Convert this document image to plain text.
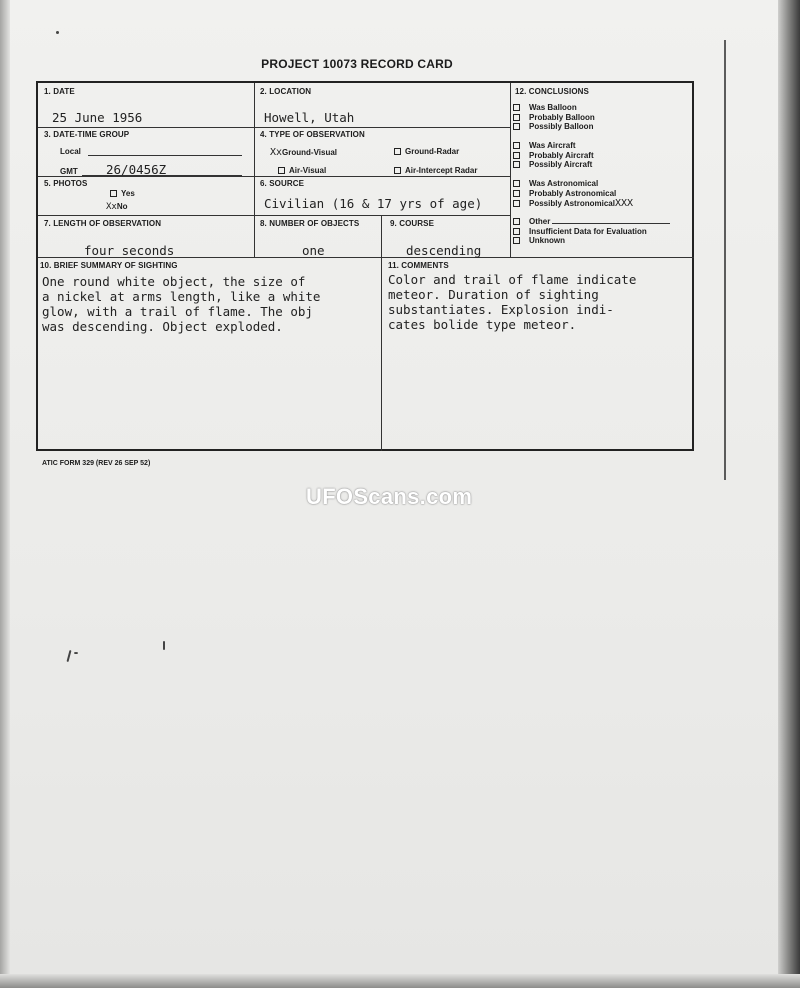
PROJECT 10073 RECORD CARD
1. DATE
25 June 1956
2. LOCATION
Howell, Utah
3. DATE-TIME GROUP
Local
GMT 26/0456Z
4. TYPE OF OBSERVATION
XxGround-Visual	Ground-Radar
Air-Visual	Air-Intercept Radar
5. PHOTOS
Yes
XxNo
6. SOURCE
Civilian (16 & 17 yrs of age)
7. LENGTH OF OBSERVATION
four seconds
8. NUMBER OF OBJECTS
one
9. COURSE
descending
10. BRIEF SUMMARY OF SIGHTING
One round white object, the size of
a nickel at arms length, like a white
glow, with a trail of flame. The obj
was descending. Object exploded.
11. COMMENTS
Color and trail of flame indicate
meteor. Duration of sighting
substantiates. Explosion indi-
cates bolide type meteor.
12. CONCLUSIONS
Was Balloon
Probably Balloon
Possibly Balloon
Was Aircraft
Probably Aircraft
Possibly Aircraft
Was Astronomical
Probably Astronomical
Possibly AstronomicalXXX
Other
Insufficient Data for Evaluation
Unknown
ATIC FORM 329 (REV 26 SEP 52)
UFOScans.com
